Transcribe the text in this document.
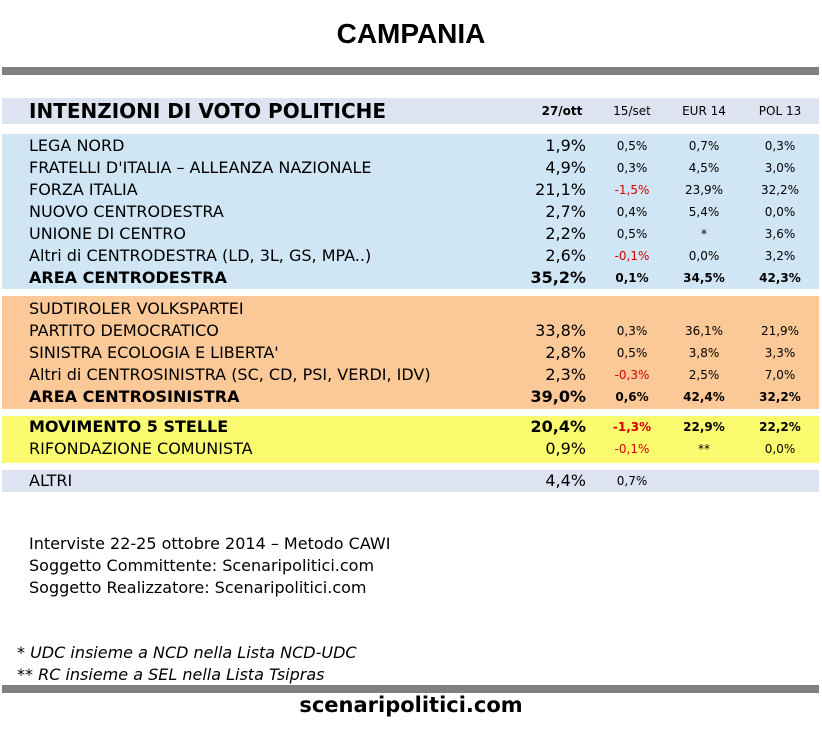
CAMPANIA
INTENZIONI DI VOTO POLITICHE	27/ott	15/set	EUR 14	POL 13
LEGA NORD	1,9%	0,5%	0,7%	0,3%
FRATELLI D'ITALIA – ALLEANZA NAZIONALE	4,9%	0,3%	4,5%	3,0%
FORZA ITALIA	21,1%	-1,5%	23,9%	32,2%
NUOVO CENTRODESTRA	2,7%	0,4%	5,4%	0,0%
UNIONE DI CENTRO	2,2%	0,5%	*	3,6%
Altri di CENTRODESTRA (LD, 3L, GS, MPA..)	2,6%	-0,1%	0,0%	3,2%
AREA CENTRODESTRA	35,2%	0,1%	34,5%	42,3%
SUDTIROLER VOLKSPARTEI
PARTITO DEMOCRATICO	33,8%	0,3%	36,1%	21,9%
SINISTRA ECOLOGIA E LIBERTA'	2,8%	0,5%	3,8%	3,3%
Altri di CENTROSINISTRA (SC, CD, PSI, VERDI, IDV)	2,3%	-0,3%	2,5%	7,0%
AREA CENTROSINISTRA	39,0%	0,6%	42,4%	32,2%
MOVIMENTO 5 STELLE	20,4%	-1,3%	22,9%	22,2%
RIFONDAZIONE COMUNISTA	0,9%	-0,1%	**	0,0%
ALTRI	4,4%	0,7%
Interviste 22-25 ottobre 2014 – Metodo CAWI
Soggetto Committente: Scenaripolitici.com
Soggetto Realizzatore: Scenaripolitici.com
* UDC insieme a NCD nella Lista NCD-UDC
** RC insieme a SEL nella Lista Tsipras
scenaripolitici.com
